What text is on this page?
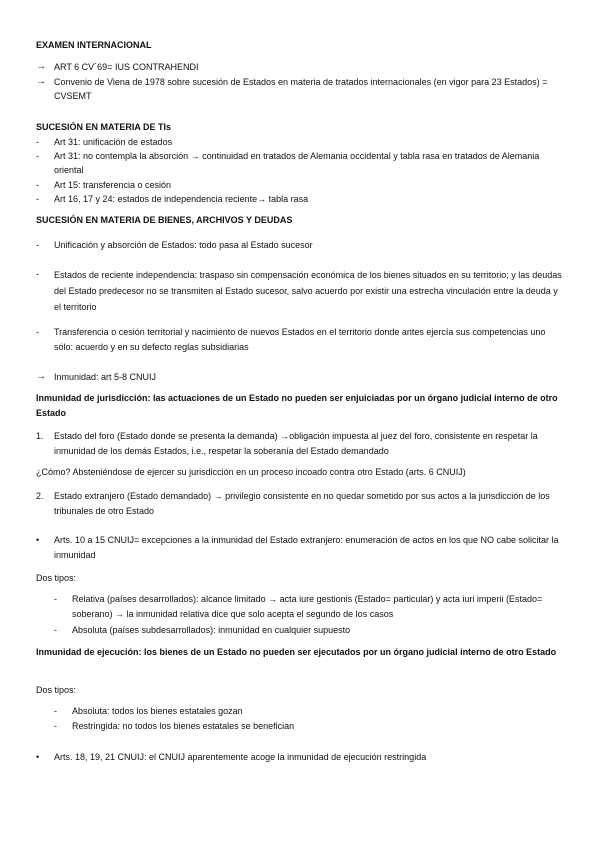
EXAMEN INTERNACIONAL
→ ART 6 CV´69= IUS CONTRAHENDI
→ Convenio de Viena de 1978 sobre sucesión de Estados en materia de tratados internacionales (en vigor para 23 Estados) = CVSEMT
SUCESIÓN EN MATERIA DE TIs
- Art 31: unificación de estados
- Art 31: no contempla la absorción → continuidad en tratados de Alemania occidental y tabla rasa en tratados de Alemania oriental
- Art 15: transferencia o cesión
- Art 16, 17 y 24: estados de independencia reciente→ tabla rasa
SUCESIÓN EN MATERIA DE BIENES, ARCHIVOS Y DEUDAS
- Unificación y absorción de Estados: todo pasa al Estado sucesor
- Estados de reciente independencia: traspaso sin compensación económica de los bienes situados en su territorio; y las deudas del Estado predecesor no se transmiten al Estado sucesor, salvo acuerdo por existir una estrecha vinculación entre la deuda y el territorio
- Transferencia o cesión territorial y nacimiento de nuevos Estados en el territorio donde antes ejercía sus competencias uno sólo: acuerdo y en su defecto reglas subsidiarias
→ Inmunidad: art 5-8 CNUIJ
Inmunidad de jurisdicción: las actuaciones de un Estado no pueden ser enjuiciadas por un órgano judicial interno de otro Estado
1. Estado del foro (Estado donde se presenta la demanda) →obligación impuesta al juez del foro, consistente en respetar la inmunidad de los demás Estados, i.e., respetar la soberanía del Estado demandado
¿Cómo? Absteniéndose de ejercer su jurisdicción en un proceso incoado contra otro Estado (arts. 6 CNUIJ)
2. Estado extranjero (Estado demandado) → privilegio consistente en no quedar sometido por sus actos a la jurisdicción de los tribunales de otro Estado
• Arts. 10 a 15 CNUIJ= excepciones a la inmunidad del Estado extranjero: enumeración de actos en los que NO cabe solicitar la inmunidad
Dos tipos:
- Relativa (países desarrollados): alcance limitado → acta iure gestionis (Estado= particular) y acta iuri imperii (Estado= soberano) → la inmunidad relativa dice que solo acepta el segundo de los casos
- Absoluta (países subdesarrollados): inmunidad en cualquier supuesto
Inmunidad de ejecución: los bienes de un Estado no pueden ser ejecutados por un órgano judicial interno de otro Estado
Dos tipos:
- Absoluta: todos los bienes estatales gozan
- Restringida: no todos los bienes estatales se benefician
• Arts. 18, 19, 21 CNUIJ: el CNUIJ aparentemente acoge la inmunidad de ejecución restringida
